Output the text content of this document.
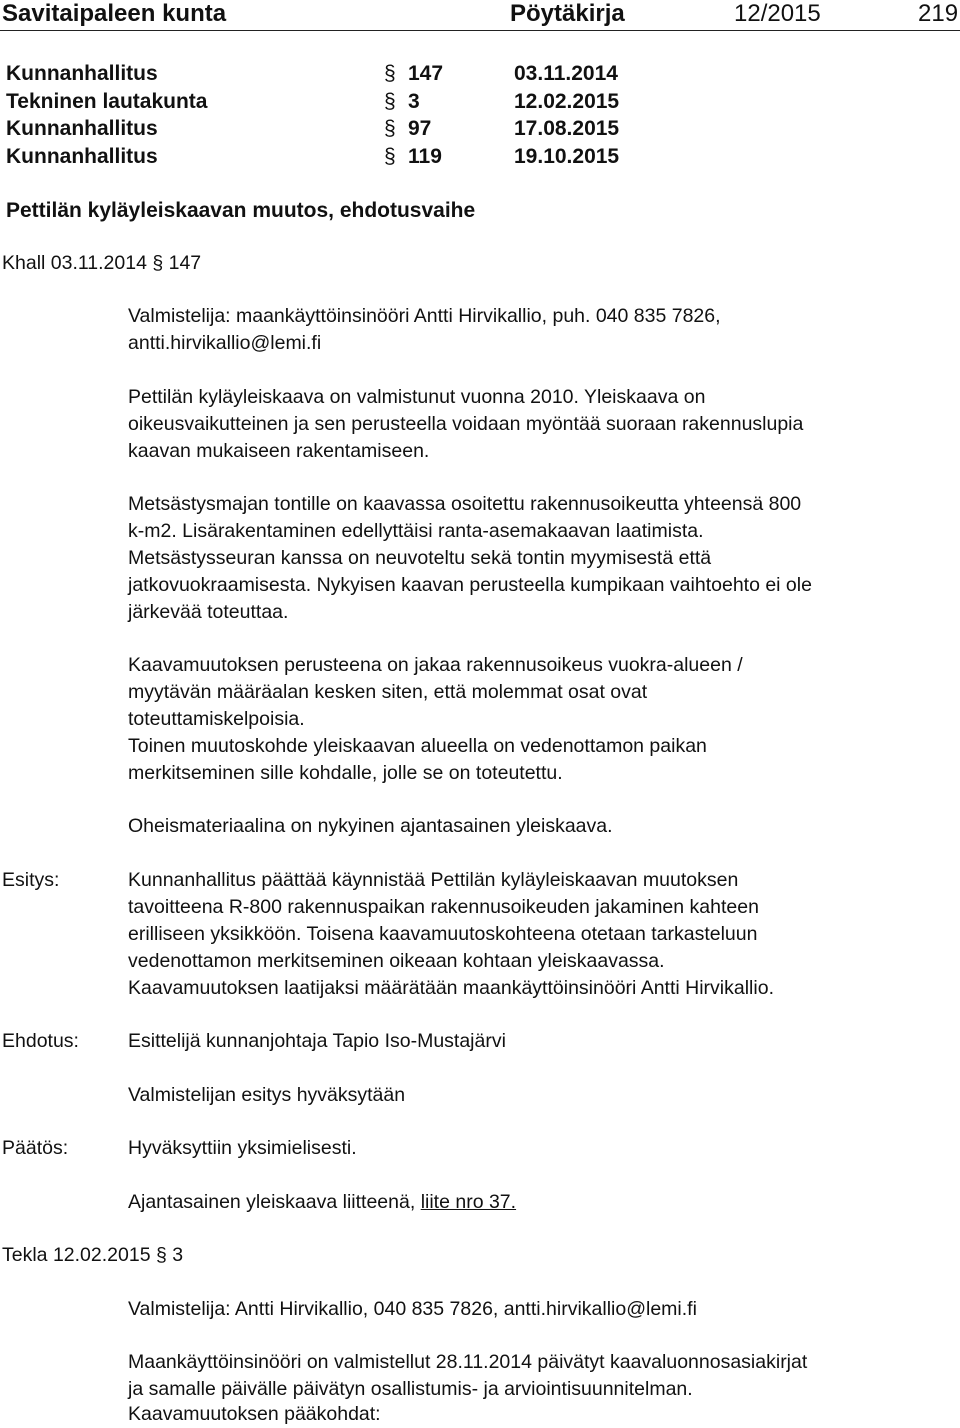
Savitaipaleen kunta	Pöytäkirja	12/2015	219
Kunnanhallitus	§ 147	03.11.2014
Tekninen lautakunta	§ 3	12.02.2015
Kunnanhallitus	§ 97	17.08.2015
Kunnanhallitus	§ 119	19.10.2015
Pettilän kyläyleiskaavan muutos, ehdotusvaihe
Khall 03.11.2014 § 147
Valmistelija: maankäyttöinsinööri Antti Hirvikallio, puh. 040 835 7826,
antti.hirvikallio@lemi.fi
Pettilän kyläyleiskaava on valmistunut vuonna 2010. Yleiskaava on
oikeusvaikutteinen ja sen perusteella voidaan myöntää suoraan rakennuslupia
kaavan mukaiseen rakentamiseen.
Metsästysmajan tontille on kaavassa osoitettu rakennusoikeutta yhteensä 800
k-m2. Lisärakentaminen edellyttäisi ranta-asemakaavan laatimista.
Metsästysseuran kanssa on neuvoteltu sekä tontin myymisestä että
jatkovuokraamisesta. Nykyisen kaavan perusteella kumpikaan vaihtoehto ei ole
järkevää toteuttaa.
Kaavamuutoksen perusteena on jakaa rakennusoikeus vuokra-alueen /
myytävän määräalan kesken siten, että molemmat osat ovat
toteuttamiskelpoisia.
Toinen muutoskohde yleiskaavan alueella on vedenottamon paikan
merkitseminen sille kohdalle, jolle se on toteutettu.
Oheismateriaalina on nykyinen ajantasainen yleiskaava.
Esitys:	Kunnanhallitus päättää käynnistää Pettilän kyläyleiskaavan muutoksen
tavoitteena R-800 rakennuspaikan rakennusoikeuden jakaminen kahteen
erilliseen yksikköön. Toisena kaavamuutoskohteena otetaan tarkasteluun
vedenottamon merkitseminen oikeaan kohtaan yleiskaavassa.
Kaavamuutoksen laatijaksi määrätään maankäyttöinsinööri Antti Hirvikallio.
Ehdotus:	Esittelijä kunnanjohtaja Tapio Iso-Mustajärvi
Valmistelijan esitys hyväksytään
Päätös:	Hyväksyttiin yksimielisesti.
Ajantasainen yleiskaava liitteenä, liite nro 37.
Tekla 12.02.2015 § 3
Valmistelija: Antti Hirvikallio, 040 835 7826, antti.hirvikallio@lemi.fi
Maankäyttöinsinööri on valmistellut 28.11.2014 päivätyt kaavaluonnosasiakirjat
ja samalle päivälle päivätyn osallistumis- ja arviointisuunnitelman.
Kaavamuutoksen pääkohdat:
